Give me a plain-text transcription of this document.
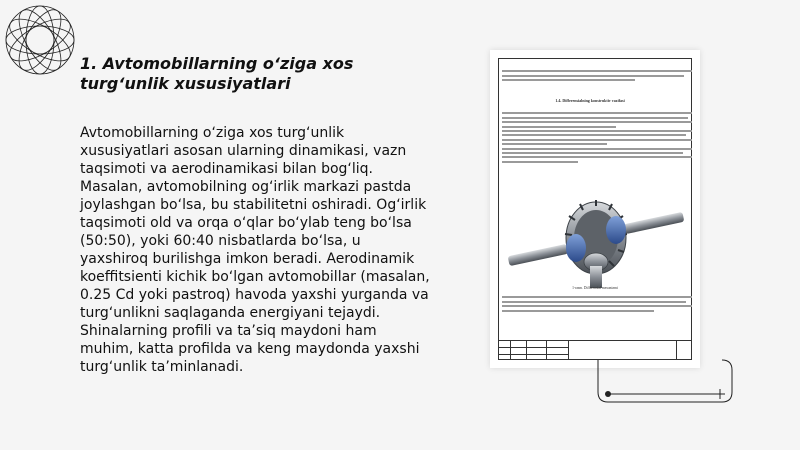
1. Avtomobillarning o‘ziga xos turg‘unlik xususiyatlari
Avtomobillarning o‘ziga xos turg‘unlik xususiyatlari asosan ularning dinamikasi, vazn taqsimoti va aerodinamikasi bilan bog‘liq. Masalan, avtomobilning og‘irlik markazi pastda joylashgan bo‘lsa, bu stabilitetni oshiradi. Og‘irlik taqsimoti old va orqa o‘qlar bo‘ylab teng bo‘lsa (50:50), yoki 60:40 nisbatlarda bo‘lsa, u yaxshiroq burilishga imkon beradi. Aerodinamik koeffitsienti kichik bo‘lgan avtomobillar (masalan, 0.25 Cd yoki pastroq) havoda yaxshi yurganda va turg‘unlikni saqlaganda energiyani tejaydi. Shinalarning profili va ta’siq maydoni ham muhim, katta profilda va keng maydonda yaxshi turg‘unlik ta’minlanadi.
1.4. Differensialning konstruktiv vazifasi
1-rasm. Differensial mexanizmi
